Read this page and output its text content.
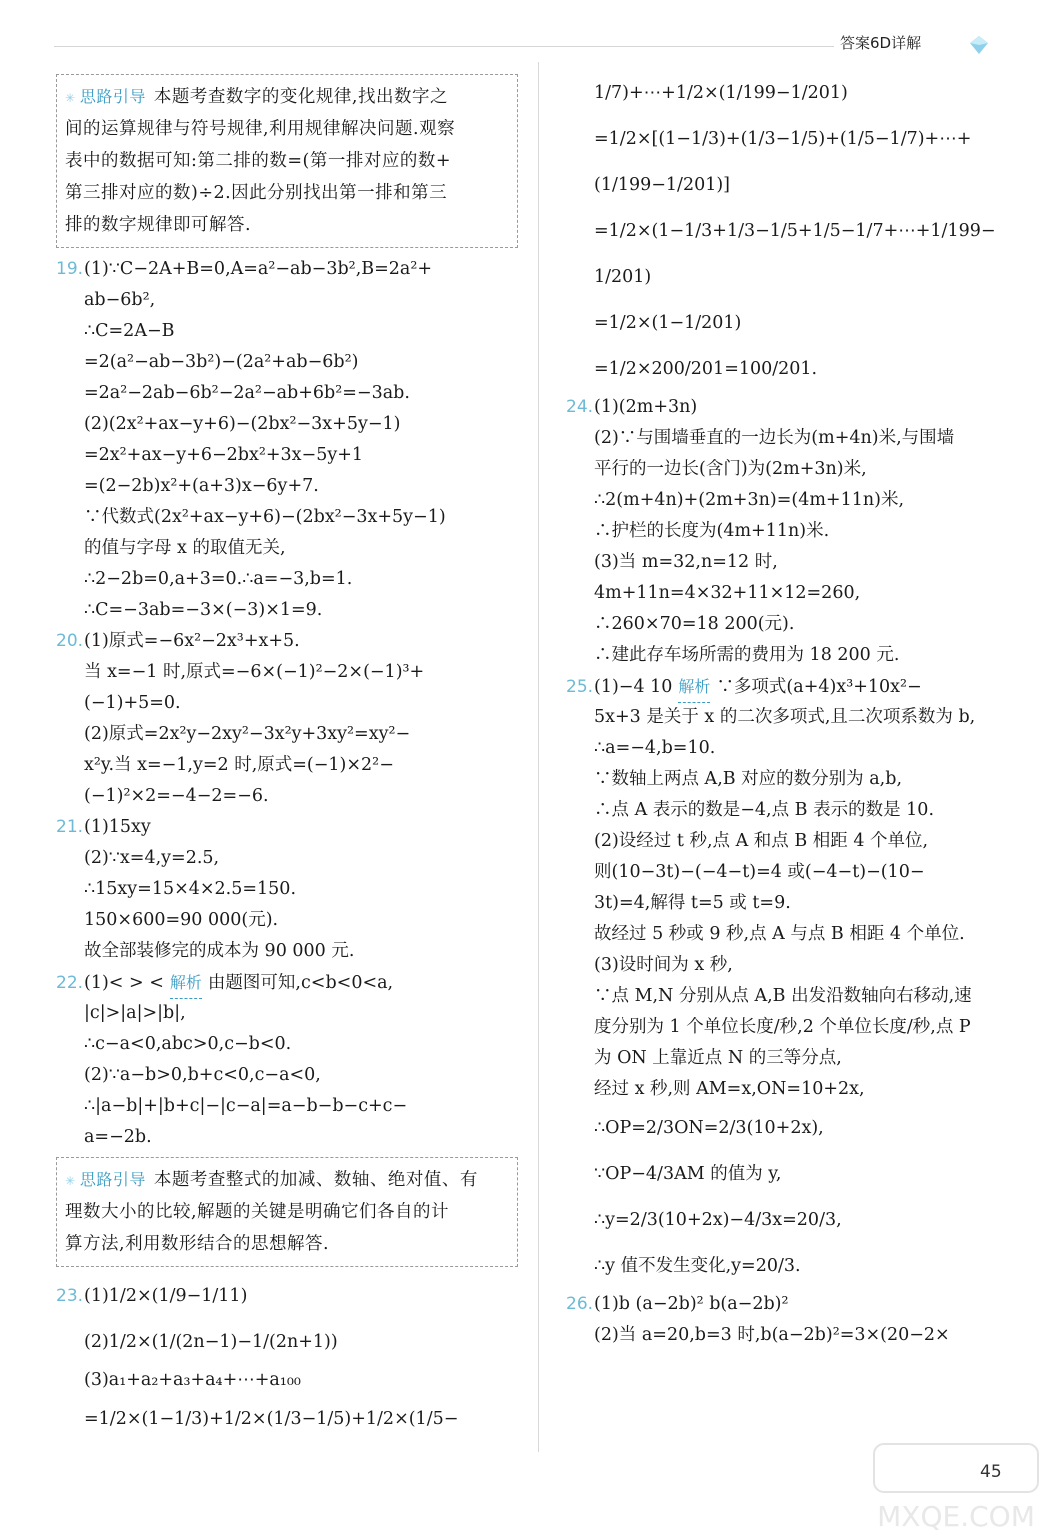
答案6D详解
✳ 思路引导 本题考查数字的变化规律,找出数字之
间的运算规律与符号规律,利用规律解决问题.观察
表中的数据可知:第二排的数=(第一排对应的数+
第三排对应的数)÷2.因此分别找出第一排和第三
排的数字规律即可解答.
19.(1)∵C−2A+B=0,A=a²−ab−3b²,B=2a²+
ab−6b²,
∴C=2A−B
=2(a²−ab−3b²)−(2a²+ab−6b²)
=2a²−2ab−6b²−2a²−ab+6b²=−3ab.
(2)(2x²+ax−y+6)−(2bx²−3x+5y−1)
=2x²+ax−y+6−2bx²+3x−5y+1
=(2−2b)x²+(a+3)x−6y+7.
∵代数式(2x²+ax−y+6)−(2bx²−3x+5y−1)
的值与字母 x 的取值无关,
∴2−2b=0,a+3=0.∴a=−3,b=1.
∴C=−3ab=−3×(−3)×1=9.
20.(1)原式=−6x²−2x³+x+5.
当 x=−1 时,原式=−6×(−1)²−2×(−1)³+
(−1)+5=0.
(2)原式=2x²y−2xy²−3x²y+3xy²=xy²−
x²y.当 x=−1,y=2 时,原式=(−1)×2²−
(−1)²×2=−4−2=−6.
21.(1)15xy
(2)∵x=4,y=2.5,
∴15xy=15×4×2.5=150.
150×600=90 000(元).
故全部装修完的成本为 90 000 元.
22.(1)< > < 解析 由题图可知,c<b<0<a,
|c|>|a|>|b|,
∴c−a<0,abc>0,c−b<0.
(2)∵a−b>0,b+c<0,c−a<0,
∴|a−b|+|b+c|−|c−a|=a−b−b−c+c−
a=−2b.
✳ 思路引导 本题考查整式的加减、数轴、绝对值、有
理数大小的比较,解题的关键是明确它们各自的计
算方法,利用数形结合的思想解答.
23.(1)1/2×(1/9−1/11)
(2)1/2×(1/(2n−1)−1/(2n+1))
(3)a₁+a₂+a₃+a₄+⋯+a₁₀₀
=1/2×(1−1/3)+1/2×(1/3−1/5)+1/2×(1/5−
1/7)+⋯+1/2×(1/199−1/201)
=1/2×[(1−1/3)+(1/3−1/5)+(1/5−1/7)+⋯+
(1/199−1/201)]
=1/2×(1−1/3+1/3−1/5+1/5−1/7+⋯+1/199−
1/201)
=1/2×(1−1/201)
=1/2×200/201=100/201.
24.(1)(2m+3n)
(2)∵与围墙垂直的一边长为(m+4n)米,与围墙
平行的一边长(含门)为(2m+3n)米,
∴2(m+4n)+(2m+3n)=(4m+11n)米,
∴护栏的长度为(4m+11n)米.
(3)当 m=32,n=12 时,
4m+11n=4×32+11×12=260,
∴260×70=18 200(元).
∴建此存车场所需的费用为 18 200 元.
25.(1)−4 10 解析 ∵多项式(a+4)x³+10x²−
5x+3 是关于 x 的二次多项式,且二次项系数为 b,
∴a=−4,b=10.
∵数轴上两点 A,B 对应的数分别为 a,b,
∴点 A 表示的数是−4,点 B 表示的数是 10.
(2)设经过 t 秒,点 A 和点 B 相距 4 个单位,
则(10−3t)−(−4−t)=4 或(−4−t)−(10−
3t)=4,解得 t=5 或 t=9.
故经过 5 秒或 9 秒,点 A 与点 B 相距 4 个单位.
(3)设时间为 x 秒,
∵点 M,N 分别从点 A,B 出发沿数轴向右移动,速
度分别为 1 个单位长度/秒,2 个单位长度/秒,点 P
为 ON 上靠近点 N 的三等分点,
经过 x 秒,则 AM=x,ON=10+2x,
∴OP=2/3ON=2/3(10+2x),
∵OP−4/3AM 的值为 y,
∴y=2/3(10+2x)−4/3x=20/3,
∴y 值不发生变化,y=20/3.
26.(1)b (a−2b)² b(a−2b)²
(2)当 a=20,b=3 时,b(a−2b)²=3×(20−2×
MXQE.COM
45
